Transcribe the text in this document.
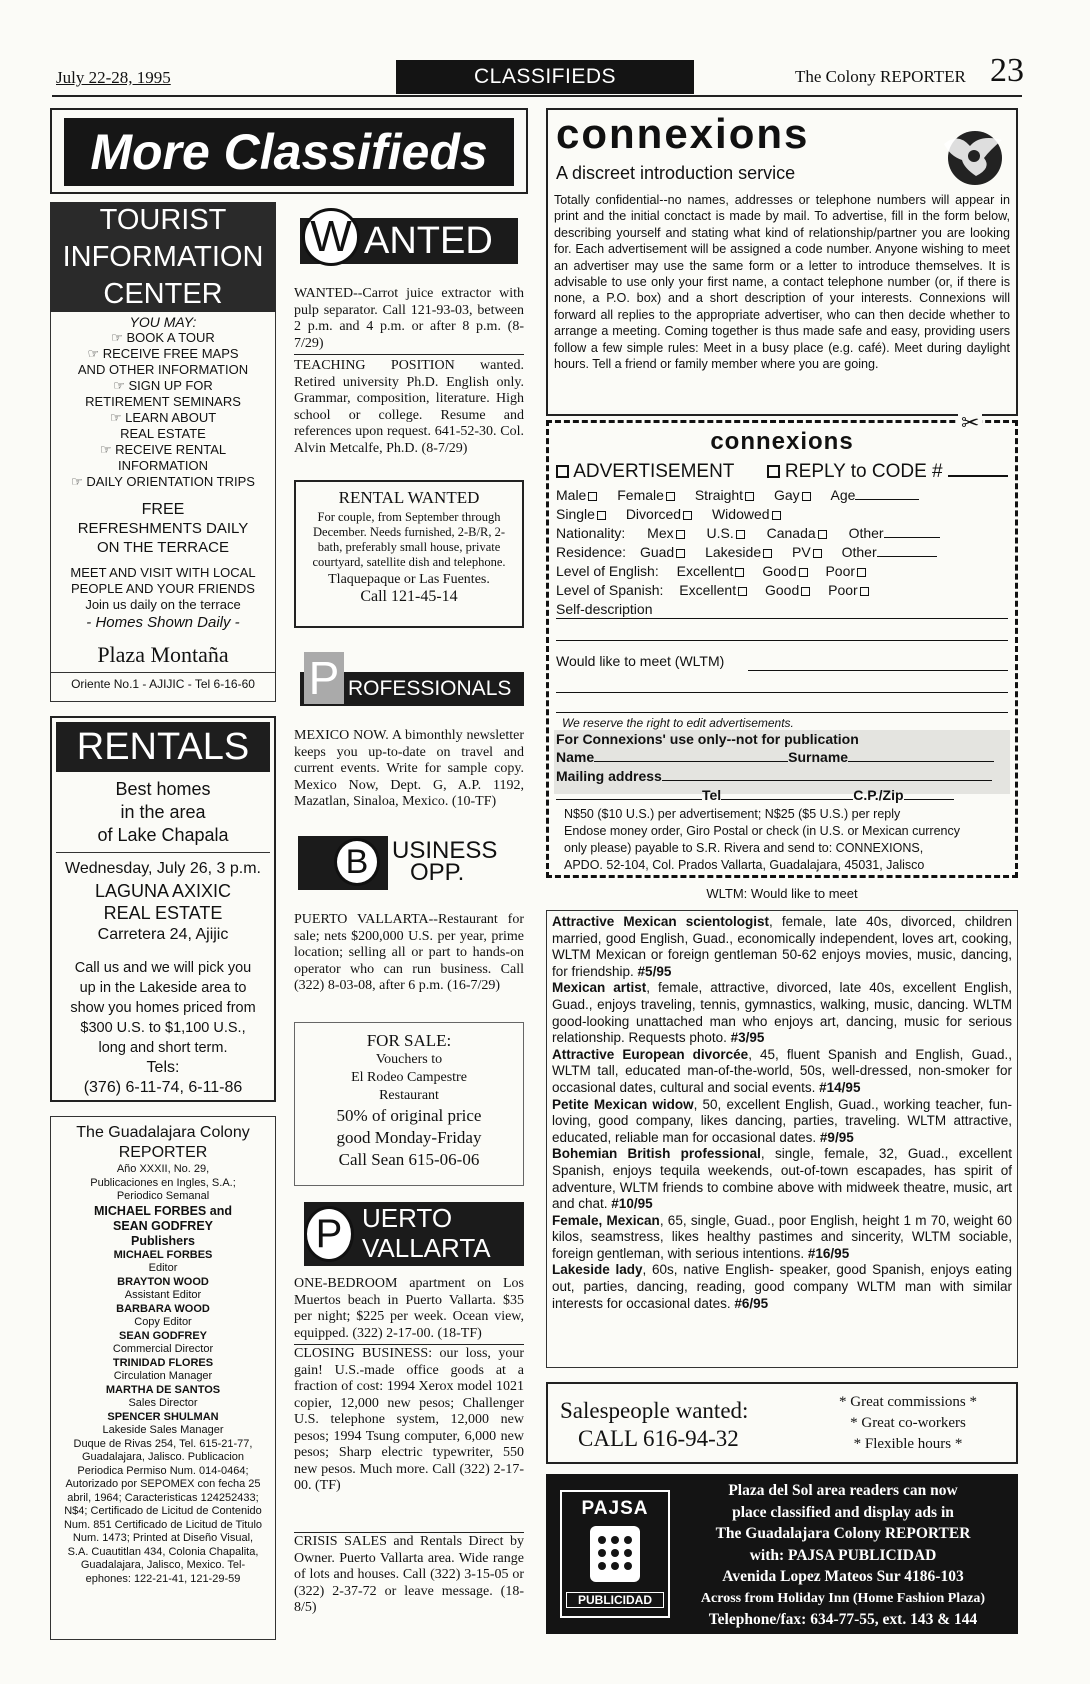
July 22-28, 1995	CLASSIFIEDS	The Colony REPORTER 23
More Classifieds
TOURIST
INFORMATION
CENTER
YOU MAY:
☞ BOOK A TOUR
☞ RECEIVE FREE MAPS
AND OTHER INFORMATION
☞ SIGN UP FOR
RETIREMENT SEMINARS
☞ LEARN ABOUT
REAL ESTATE
☞ RECEIVE RENTAL
INFORMATION
☞ DAILY ORIENTATION TRIPS
FREE
REFRESHMENTS DAILY
ON THE TERRACE
MEET AND VISIT WITH LOCAL
PEOPLE AND YOUR FRIENDS
Join us daily on the terrace
- Homes Shown Daily -
Plaza Montaña
Oriente No.1 - AJIJIC - Tel 6-16-60
RENTALS
Best homes
in the area
of Lake Chapala
Wednesday, July 26, 3 p.m.
LAGUNA AXIXIC
REAL ESTATE
Carretera 24, Ajijic
Call us and we will pick you
up in the Lakeside area to
show you homes priced from
$300 U.S. to $1,100 U.S.,
long and short term.
Tels:
(376) 6-11-74, 6-11-86
The Guadalajara Colony
REPORTER
Año XXXII, No. 29,
Publicaciones en Ingles, S.A.;
Periodico Semanal
MICHAEL FORBES and
SEAN GODFREY
Publishers
MICHAEL FORBES
Editor
BRAYTON WOOD
Assistant Editor
BARBARA WOOD
Copy Editor
SEAN GODFREY
Commercial Director
TRINIDAD FLORES
Circulation Manager
MARTHA DE SANTOS
Sales Director
SPENCER SHULMAN
Lakeside Sales Manager
Duque de Rivas 254, Tel. 615-21-77,
Guadalajara, Jalisco. Publicacion
Periodica Permiso Num. 014-0464;
Autorizado por SEPOMEX con fecha 25
abril, 1964; Caracteristicas 124252433;
N$4; Certificado de Licitud de Contenido
Num. 851 Certificado de Licitud de Titulo
Num. 1473; Printed at Diseño Visual,
S.A. Cuautitlan 434, Colonia Chapalita,
Guadalajara, Jalisco, Mexico. Tel-
ephones: 122-21-41, 121-29-59
W ANTED
WANTED--Carrot juice extractor with pulp separator. Call 121-93-03, between 2 p.m. and 4 p.m. or after 8 p.m. (8-7/29)
TEACHING POSITION wanted. Retired university Ph.D. English only. Grammar, composition, literature. High school or college. Resume and references upon request. 641-52-30. Col. Alvin Metcalfe, Ph.D. (8-7/29)
RENTAL WANTED
For couple, from September through December. Needs furnished, 2-B/R, 2-bath, preferably small house, private courtyard, satellite dish and telephone.
Tlaquepaque or Las Fuentes.
Call 121-45-14
P ROFESSIONALS
MEXICO NOW. A bimonthly newsletter keeps you up-to-date on travel and current events. Write for sample copy. Mexico Now, Dept. G, A.P. 1192, Mazatlan, Sinaloa, Mexico. (10-TF)
B USINESS
OPP.
PUERTO VALLARTA--Restaurant for sale; nets $200,000 U.S. per year, prime location; selling all or part to hands-on operator who can run business. Call (322) 8-03-08, after 6 p.m. (16-7/29)
FOR SALE:
Vouchers to
El Rodeo Campestre
Restaurant
50% of original price
good Monday-Friday
Call Sean 615-06-06
P UERTO
VALLARTA
ONE-BEDROOM apartment on Los Muertos beach in Puerto Vallarta. $35 per night; $225 per week. Ocean view, equipped. (322) 2-17-00. (18-TF)
CLOSING BUSINESS: our loss, your gain! U.S.-made office goods at a fraction of cost: 1994 Xerox model 1021 copier, 12,000 new pesos; Challenger U.S. telephone system, 12,000 new pesos; 1994 Tsung computer, 6,000 new pesos; Sharp electric typewriter, 550 new pesos. Much more. Call (322) 2-17-00. (TF)
CRISIS SALES and Rentals Direct by Owner. Puerto Vallarta area. Wide range of lots and houses. Call (322) 3-15-05 or (322) 2-37-72 or leave message. (18-8/5)
connexions
A discreet introduction service
Totally confidential--no names, addresses or telephone numbers will appear in print and the initial conctact is made by mail. To advertise, fill in the form below, describing yourself and stating what kind of relationship/partner you are looking for. Each advertisement will be assigned a code number. Anyone wishing to meet an advertiser may use the same form or a letter to introduce themselves. It is advisable to use only your first name, a contact telephone number (or, if there is none, a P.O. box) and a short description of your interests. Connexions will forward all replies to the appropriate advertiser, who can then decide whether to arrange a meeting. Coming together is thus made safe and easy, providing users follow a few simple rules: Meet in a busy place (e.g. café). Meet during daylight hours. Tell a friend or family member where you are going.
✂
connexions
ADVERTISEMENT	REPLY to CODE #
Male Female Straight Gay Age
Single Divorced Widowed
Nationality: Mex U.S. Canada Other
Residence: Guad Lakeside PV Other
Level of English: Excellent Good Poor
Level of Spanish: Excellent Good Poor
Self-description
Would like to meet (WLTM)
We reserve the right to edit advertisements.
For Connexions' use only--not for publication
Name	Surname
Mailing address
Tel	C.P./Zip
N$50 ($10 U.S.) per advertisement; N$25 ($5 U.S.) per reply
Endose money order, Giro Postal or check (in U.S. or Mexican currency
only please) payable to S.R. Rivera and send to: CONNEXIONS,
APDO. 52-104, Col. Prados Vallarta, Guadalajara, 45031, Jalisco
WLTM: Would like to meet
Attractive Mexican scientologist, female, late 40s, divorced, children married, good English, Guad., economically independent, loves art, cooking, WLTM Mexican or foreign gentleman 50-62 enjoys movies, music, dancing, for friendship. #5/95
Mexican artist, female, attractive, divorced, late 40s, excellent English, Guad., enjoys traveling, tennis, gymnastics, walking, music, dancing. WLTM good-looking unattached man who enjoys art, dancing, music for serious relationship. Requests photo. #3/95
Attractive European divorcée, 45, fluent Spanish and English, Guad., WLTM tall, educated man-of-the-world, 50s, well-dressed, non-smoker for occasional dates, cultural and social events. #14/95
Petite Mexican widow, 50, excellent English, Guad., working teacher, fun-loving, good company, likes dancing, parties, traveling. WLTM attractive, educated, reliable man for occasional dates. #9/95
Bohemian British professional, single, female, 32, Guad., excellent Spanish, enjoys tequila weekends, out-of-town escapades, has spirit of adventure, WLTM friends to combine above with midweek theatre, music, art and chat. #10/95
Female, Mexican, 65, single, Guad., poor English, height 1 m 70, weight 60 kilos, seamstress, likes healthy pastimes and sincerity, WLTM sociable, foreign gentleman, with serious intentions. #16/95
Lakeside lady, 60s, native English- speaker, good Spanish, enjoys eating out, parties, dancing, reading, good company WLTM man with similar interests for occasional dates. #6/95
Salespeople wanted:
CALL 616-94-32
* Great commissions *
* Great co-workers
* Flexible hours *
PAJSA
PUBLICIDAD
Plaza del Sol area readers can now
place classified and display ads in
The Guadalajara Colony REPORTER
with: PAJSA PUBLICIDAD
Avenida Lopez Mateos Sur 4186-103
Across from Holiday Inn (Home Fashion Plaza)
Telephone/fax: 634-77-55, ext. 143 & 144
